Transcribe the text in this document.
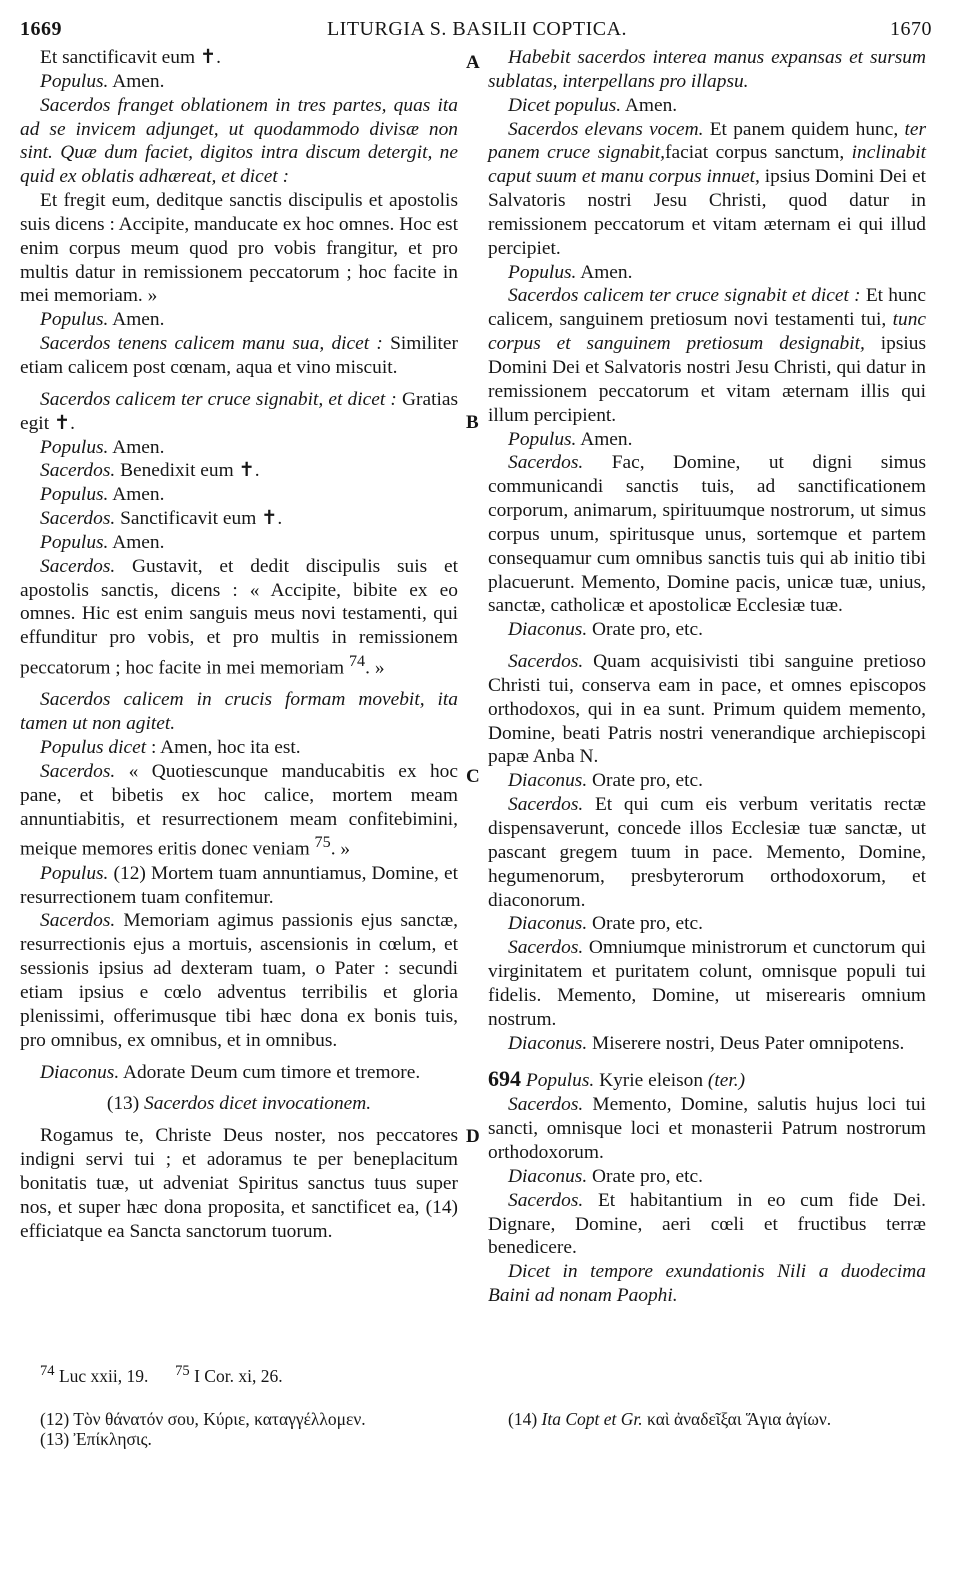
1669	LITURGIA S. BASILII COPTICA.	1670

Et sanctificavit eum ✝.

Populus. Amen.

Sacerdos franget oblationem in tres partes, quas ita ad se invicem adjunget, ut quodammodo divisæ non sint. Quæ dum faciet, digitos intra discum detergit, ne quid ex oblatis adhæreat, et dicet :

Et fregit eum, deditque sanctis discipulis et apostolis suis dicens : Accipite, manducate ex hoc omnes. Hoc est enim corpus meum quod pro vobis frangitur, et pro multis datur in remissionem peccatorum ; hoc facite in mei memoriam. »

Populus. Amen.

Sacerdos tenens calicem manu sua, dicet : Similiter etiam calicem post cœnam, aqua et vino miscuit.

Sacerdos calicem ter cruce signabit, et dicet : Gratias egit ✝.

Populus. Amen.

Sacerdos. Benedixit eum ✝.

Populus. Amen.

Sacerdos. Sanctificavit eum ✝.

Populus. Amen.

Sacerdos. Gustavit, et dedit discipulis suis et apostolis sanctis, dicens : « Accipite, bibite ex eo omnes. Hic est enim sanguis meus novi testamenti, qui effunditur pro vobis, et pro multis in remissionem peccatorum ; hoc facite in mei memoriam $^{74}$. »

Sacerdos calicem in crucis formam movebit, ita tamen ut non agitet.

Populus dicet : Amen, hoc ita est.

Sacerdos. « Quotiescunque manducabitis ex hoc pane, et bibetis ex hoc calice, mortem meam annuntiabitis, et resurrectionem meam confitebimini, meique memores eritis donec veniam $^{75}$. »

Populus. (12) Mortem tuam annuntiamus, Domine, et resurrectionem tuam confitemur.

Sacerdos. Memoriam agimus passionis ejus sanctæ, resurrectionis ejus a mortuis, ascensionis in cœlum, et sessionis ipsius ad dexteram tuam, o Pater : secundi etiam ipsius e cœlo adventus terribilis et gloria plenissimi, offerimusque tibi hæc dona ex bonis tuis, pro omnibus, ex omnibus, et in omnibus.

Diaconus. Adorate Deum cum timore et tremore.

(13) Sacerdos dicet invocationem.

Rogamus te, Christe Deus noster, nos peccatores indigni servi tui ; et adoramus te per beneplacitum bonitatis tuæ, ut adveniat Spiritus sanctus tuus super nos, et super hæc dona proposita, et sanctificet ea, (14) efficiatque ea Sancta sanctorum tuorum.

Habebit sacerdos interea manus expansas et sursum sublatas, interpellans pro illapsu.

Dicet populus. Amen.

Sacerdos elevans vocem. Et panem quidem hunc, ter panem cruce signabit,faciat corpus sanctum, inclinabit caput suum et manu corpus innuet, ipsius Domini Dei et Salvatoris nostri Jesu Christi, quod datur in remissionem peccatorum et vitam æternam ei qui illud percipiet.

Populus. Amen.

Sacerdos calicem ter cruce signabit et dicet : Et hunc calicem, sanguinem pretiosum novi testamenti tui, tunc corpus et sanguinem pretiosum designabit, ipsius Domini Dei et Salvatoris nostri Jesu Christi, qui datur in remissionem peccatorum et vitam æternam illis qui illum percipient.

Populus. Amen.

Sacerdos. Fac, Domine, ut digni simus communicandi sanctis tuis, ad sanctificationem corporum, animarum, spirituumque nostrorum, ut simus corpus unum, spiritusque unus, sortemque et partem consequamur cum omnibus sanctis tuis qui ab initio tibi placuerunt. Memento, Domine pacis, unicæ tuæ, unius, sanctæ, catholicæ et apostolicæ Ecclesiæ tuæ.

Diaconus. Orate pro, etc.

Sacerdos. Quam acquisivisti tibi sanguine pretioso Christi tui, conserva eam in pace, et omnes episcopos orthodoxos, qui in ea sunt. Primum quidem memento, Domine, beati Patris nostri venerandique archiepiscopi papæ Anba N.

Diaconus. Orate pro, etc.

Sacerdos. Et qui cum eis verbum veritatis rectæ dispensaverunt, concede illos Ecclesiæ tuæ sanctæ, ut pascant gregem tuum in pace. Memento, Domine, hegumenorum, presbyterorum orthodoxorum, et diaconorum.

Diaconus. Orate pro, etc.

Sacerdos. Omniumque ministrorum et cunctorum qui virginitatem et puritatem colunt, omnisque populi tui fidelis. Memento, Domine, ut miserearis omnium nostrum.

Diaconus. Miserere nostri, Deus Pater omnipotens.

694 Populus. Kyrie eleison (ter.)

Sacerdos. Memento, Domine, salutis hujus loci tui sancti, omnisque loci et monasterii Patrum nostrorum orthodoxorum.

Diaconus. Orate pro, etc.

Sacerdos. Et habitantium in eo cum fide Dei. Dignare, Domine, aeri cœli et fructibus terræ benedicere.

Dicet in tempore exundationis Nili a duodecima Baini ad nonam Paophi.

A
B
C
D
$^{74}$ Luc xxii, 19. $^{75}$ I Cor. xi, 26.
(12) Τὸν θάνατόν σου, Κύριε, καταγγέλλομεν.
(13) Ἐπίκλησις.
(14) Ita Copt et Gr. καὶ ἀναδεῖξαι Ἅγια ἁγίων.
